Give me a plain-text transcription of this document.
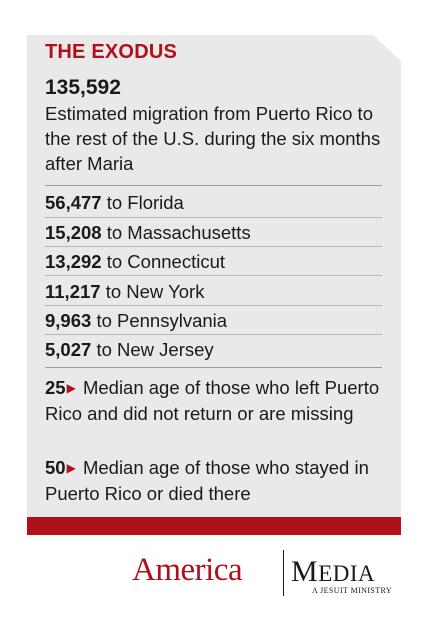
THE EXODUS
135,592
Estimated migration from Puerto Rico to the rest of the U.S. during the six months after Maria
56,477 to Florida
15,208 to Massachusetts
13,292 to Connecticut
11,217 to New York
9,963 to Pennsylvania
5,027 to New Jersey
25▶ Median age of those who left Puerto Rico and did not return or are missing
50▶ Median age of those who stayed in Puerto Rico or died there
America MEDIA
A JESUIT MINISTRY
